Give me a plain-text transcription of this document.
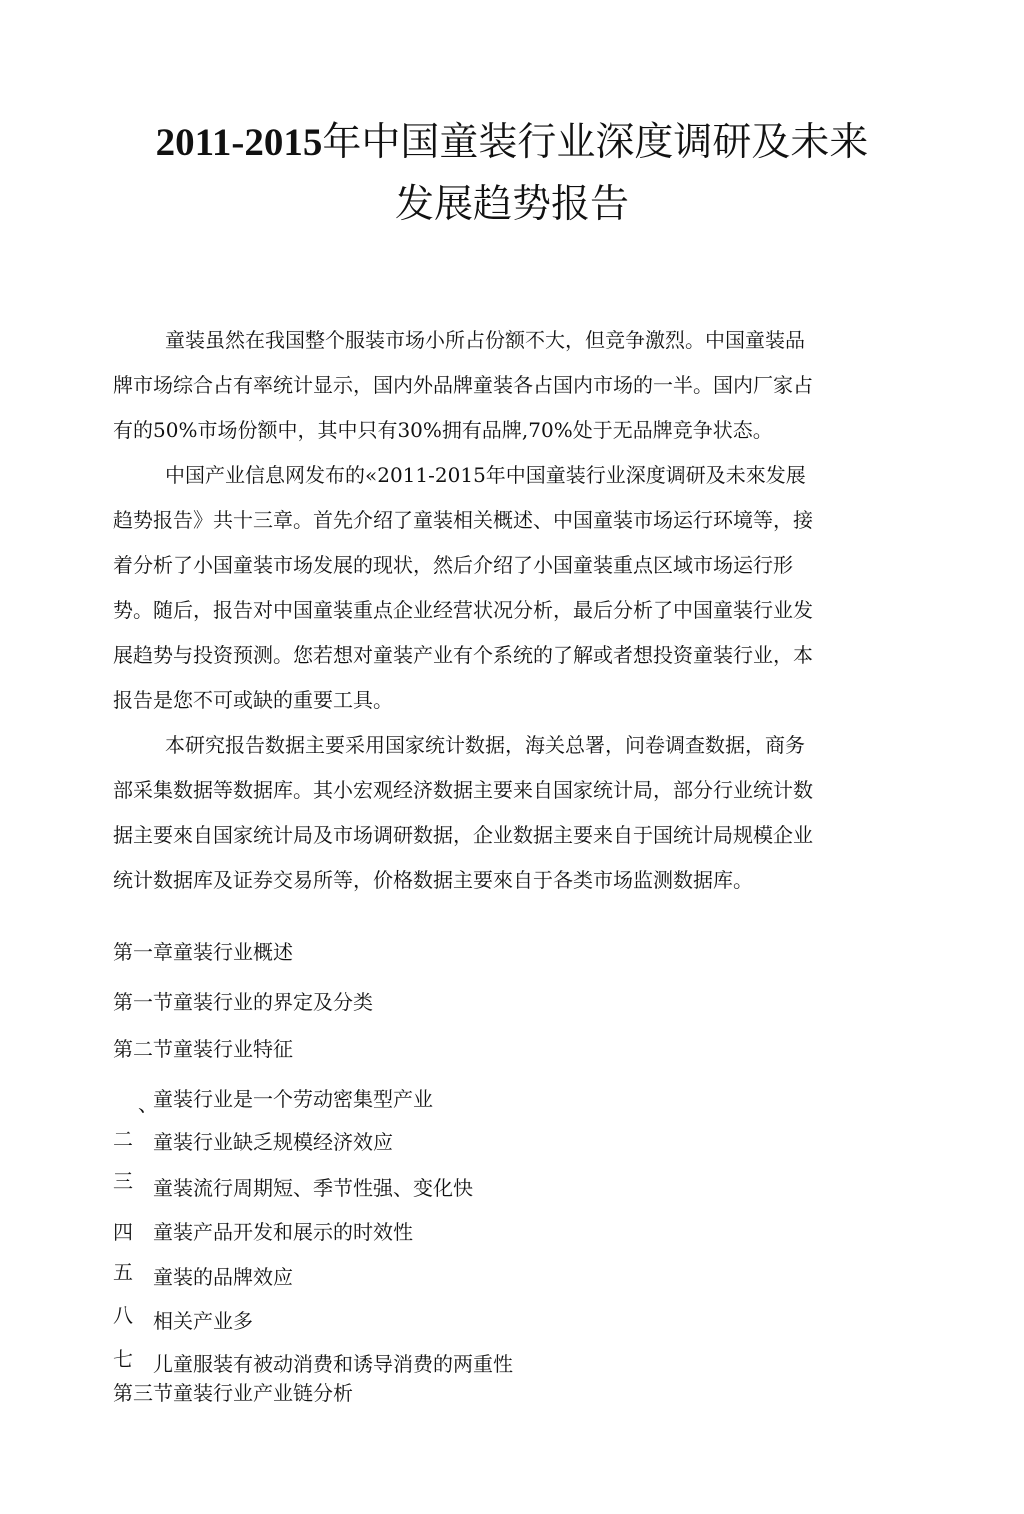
2011-2015年中国童装行业深度调研及未来
发展趋势报告
童装虽然在我国整个服装市场小所占份额不大，但竞争激烈。中国童装品
牌市场综合占有率统计显示，国内外品牌童装各占国内市场的一半。国内厂家占
有的50%市场份额中，其中只有30%拥有品牌,70%处于无品牌竞争状态。
中国产业信息网发布的«2011-2015年中国童装行业深度调研及未來发展
趋势报告》共十三章。首先介绍了童装相关概述、中国童装市场运行环境等，接
着分析了小国童装市场发展的现状，然后介绍了小国童装重点区域市场运行形
势。随后，报告对中国童装重点企业经营状况分析，最后分析了中国童装行业发
展趋势与投资预测。您若想对童装产业有个系统的了解或者想投资童装行业，本
报告是您不可或缺的重要工具。
本研究报告数据主要采用国家统计数据，海关总署，问卷调查数据，商务
部采集数据等数据库。其小宏观经济数据主要来自国家统计局，部分行业统计数
据主要來自国家统计局及市场调研数据，企业数据主要来自于国统计局规模企业
统计数据库及证券交易所等，价格数据主要來自于各类市场监测数据库。
第一章童装行业概述
第一节童装行业的界定及分类
第二节童装行业特征
、
童装行业是一个劳动密集型产业
二	童装行业缺乏规模经济效应
三	童装流行周期短、季节性强、变化快
四	童装产品开发和展示的时效性
五	童装的品牌效应
八	相关产业多
七	儿童服装有被动消费和诱导消费的两重性
第三节童装行业产业链分析
